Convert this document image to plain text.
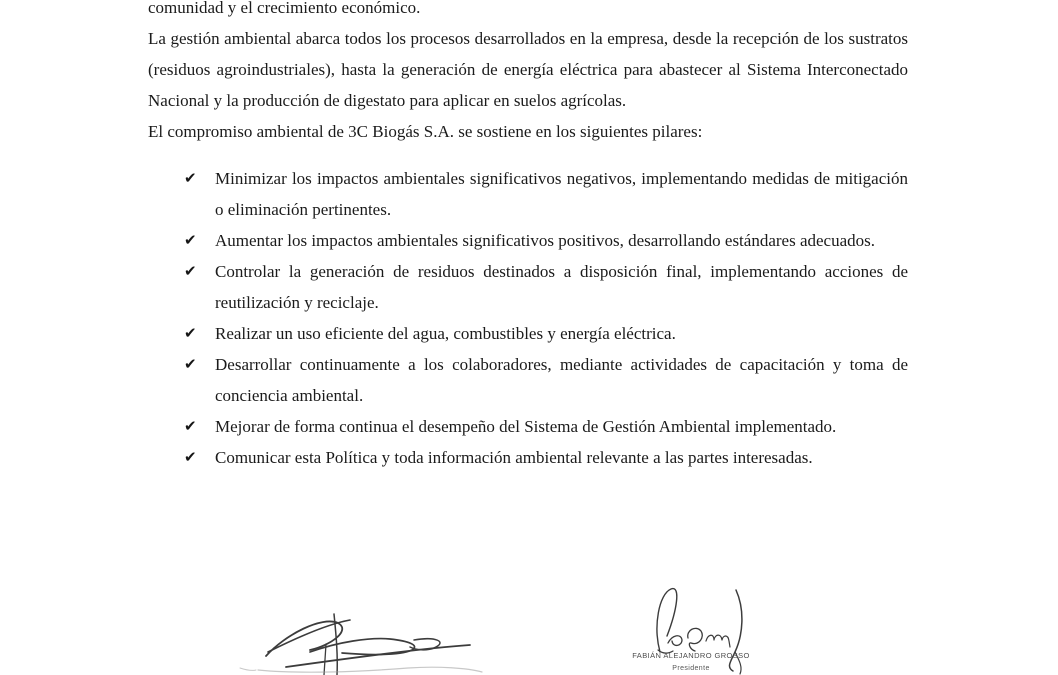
comunidad y el crecimiento económico.

La gestión ambiental abarca todos los procesos desarrollados en la empresa, desde la recepción de los sustratos (residuos agroindustriales), hasta la generación de energía eléctrica para abastecer al Sistema Interconectado Nacional y la producción de digestato para aplicar en suelos agrícolas.

El compromiso ambiental de 3C Biogás S.A. se sostiene en los siguientes pilares:

✔ Minimizar los impactos ambientales significativos negativos, implementando medidas de mitigación o eliminación pertinentes.
✔ Aumentar los impactos ambientales significativos positivos, desarrollando estándares adecuados.
✔ Controlar la generación de residuos destinados a disposición final, implementando acciones de reutilización y reciclaje.
✔ Realizar un uso eficiente del agua, combustibles y energía eléctrica.
✔ Desarrollar continuamente a los colaboradores, mediante actividades de capacitación y toma de conciencia ambiental.
✔ Mejorar de forma continua el desempeño del Sistema de Gestión Ambiental implementado.
✔ Comunicar esta Política y toda información ambiental relevante a las partes interesadas.
FABIÁN ALEJANDRO GROSSO
Presidente
